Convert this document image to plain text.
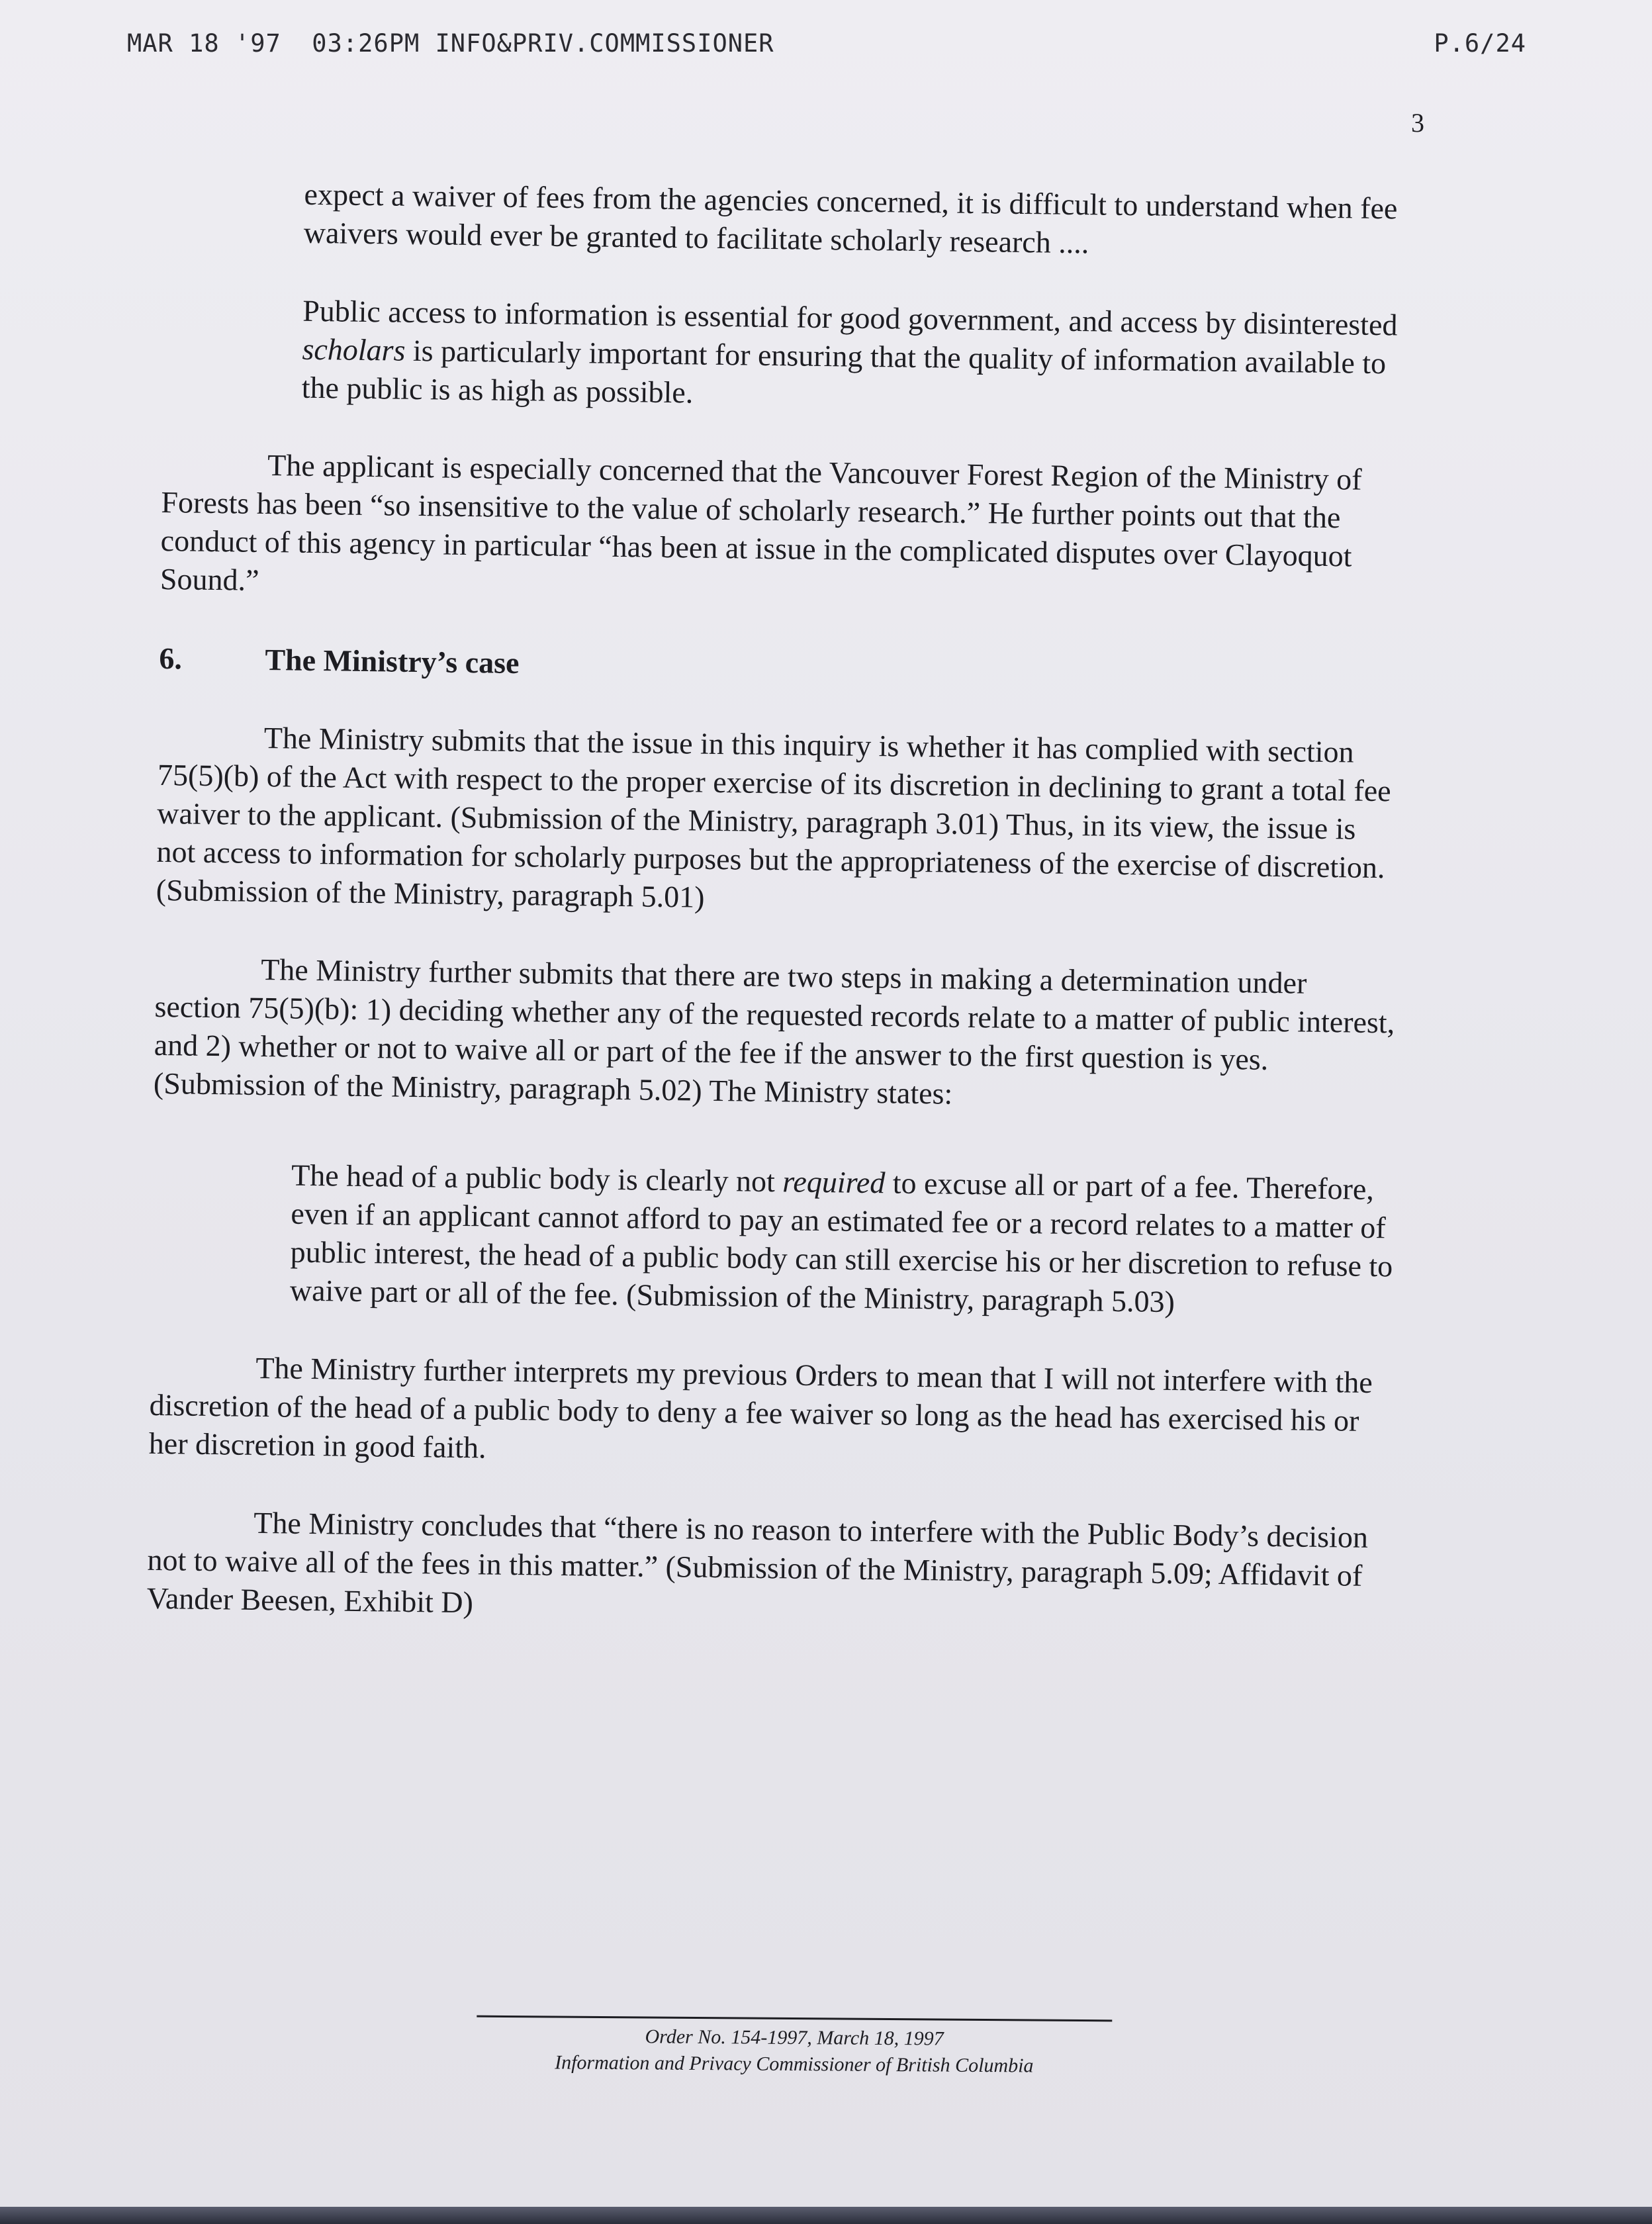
MAR 18 '97  03:26PM INFO&PRIV.COMMISSIONER	P.6/24
3

expect a waiver of fees from the agencies concerned, it is difficult to understand when fee waivers would ever be granted to facilitate scholarly research ....

Public access to information is essential for good government, and access by disinterested scholars is particularly important for ensuring that the quality of information available to the public is as high as possible.

The applicant is especially concerned that the Vancouver Forest Region of the Ministry of Forests has been “so insensitive to the value of scholarly research.” He further points out that the conduct of this agency in particular “has been at issue in the complicated disputes over Clayoquot Sound.”

6.	The Ministry’s case

The Ministry submits that the issue in this inquiry is whether it has complied with section 75(5)(b) of the Act with respect to the proper exercise of its discretion in declining to grant a total fee waiver to the applicant. (Submission of the Ministry, paragraph 3.01) Thus, in its view, the issue is not access to information for scholarly purposes but the appropriateness of the exercise of discretion. (Submission of the Ministry, paragraph 5.01)

The Ministry further submits that there are two steps in making a determination under section 75(5)(b): 1) deciding whether any of the requested records relate to a matter of public interest, and 2) whether or not to waive all or part of the fee if the answer to the first question is yes. (Submission of the Ministry, paragraph 5.02) The Ministry states:

The head of a public body is clearly not required to excuse all or part of a fee. Therefore, even if an applicant cannot afford to pay an estimated fee or a record relates to a matter of public interest, the head of a public body can still exercise his or her discretion to refuse to waive part or all of the fee. (Submission of the Ministry, paragraph 5.03)

The Ministry further interprets my previous Orders to mean that I will not interfere with the discretion of the head of a public body to deny a fee waiver so long as the head has exercised his or her discretion in good faith.

The Ministry concludes that “there is no reason to interfere with the Public Body’s decision not to waive all of the fees in this matter.” (Submission of the Ministry, paragraph 5.09; Affidavit of Vander Beesen, Exhibit D)

Order No. 154-1997, March 18, 1997
Information and Privacy Commissioner of British Columbia
